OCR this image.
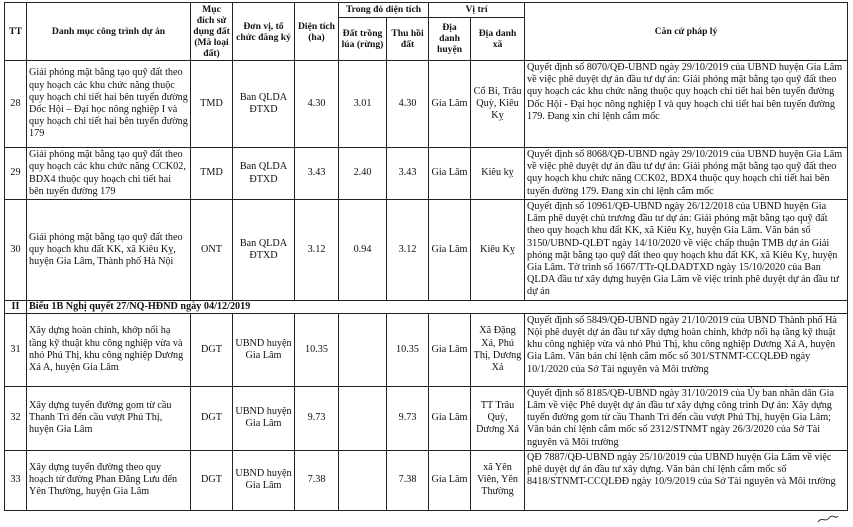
TT	Danh mục công trình dự án	Mục đích sử dụng đất (Mã loại đất)	Đơn vị, tổ chức đăng ký	Diện tích (ha)	Trong đó diện tích		Vị trí		Căn cứ pháp lý
					Đất trồng lúa (rừng)	Thu hồi đất	Địa danh huyện	Địa danh xã	
28	Giải phóng mặt bằng tạo quỹ đất theo quy hoạch các khu chức năng thuộc quy hoạch chi tiết hai bên tuyến đường Dốc Hội – Đại học nông nghiệp I và quy hoạch chi tiết hai bên tuyến đường 179	TMD	Ban QLDA ĐTXD	4.30	3.01	4.30	Gia Lâm	Cổ Bi, Trâu Quỳ, Kiêu Kỵ	Quyết định số 8070/QĐ-UBND ngày 29/10/2019 của UBND huyện Gia Lâm về việc phê duyệt dự án đầu tư dự án: Giải phóng mặt bằng tạo quỹ đất theo quy hoạch các khu chức năng thuộc quy hoạch chi tiết hai bên tuyến đường Dốc Hội - Đại học nông nghiệp I và quy hoạch chi tiết hai bên tuyến đường 179. Đang xin chỉ lệnh cắm mốc
29	Giải phóng mặt bằng tạo quỹ đất theo quy hoạch các khu chức năng CCK02, BDX4 thuộc quy hoạch chi tiết hai bên tuyến đường 179	TMD	Ban QLDA ĐTXD	3.43	2.40	3.43	Gia Lâm	Kiêu kỵ	Quyết định số 8068/QĐ-UBND ngày 29/10/2019 của UBND huyện Gia Lâm về việc phê duyệt dự án đầu tư dự án: Giải phóng mặt bằng tạo quỹ đất theo quy hoạch khu chức năng CCK02, BDX4 thuộc quy hoạch chi tiết hai bên tuyến đường 179. Đang xin chỉ lệnh cắm mốc
30	Giải phóng mặt bằng tạo quỹ đất theo quy hoạch khu đất KK, xã Kiêu Kỵ, huyện Gia Lâm, Thành phố Hà Nội	ONT	Ban QLDA ĐTXD	3.12	0.94	3.12	Gia Lâm	Kiêu Kỵ	Quyết định số 10961/QĐ-UBND ngày 26/12/2018 của UBND huyện Gia Lâm phê duyệt chủ trương đầu tư dự án: Giải phóng mặt bằng tạo quỹ đất theo quy hoạch khu đất KK, xã Kiêu Kỵ, huyện Gia Lâm. Văn bản số 3150/UBND-QLĐT ngày 14/10/2020 về việc chấp thuận TMB dự án Giải phóng mặt bằng tạo quỹ đất theo quy hoạch khu đất KK, xã Kiêu Kỵ, huyện Gia Lâm. Tờ trình số 1667/TTr-QLDADTXD ngày 15/10/2020 của Ban QLDA đầu tư xây dựng huyện Gia Lâm về việc trình phê duyệt dự án đầu tư dự án
II	Biểu 1B Nghị quyết 27/NQ-HĐND ngày 04/12/2019								
31	Xây dựng hoàn chỉnh, khớp nối hạ tầng kỹ thuật khu công nghiệp vừa và nhỏ Phú Thị, khu công nghiệp Dương Xá A, huyện Gia Lâm	DGT	UBND huyện Gia Lâm	10.35		10.35	Gia Lâm	Xã Đặng Xá, Phú Thị, Dương Xá	Quyết định số 5849/QĐ-UBND ngày 21/10/2019 của UBND Thành phố Hà Nội phê duyệt dự án đầu tư xây dựng hoàn chỉnh, khớp nối hạ tầng kỹ thuật khu công nghiệp vừa và nhỏ Phú Thị, khu công nghiệp Dương Xá A, huyện Gia Lâm. Văn bản chỉ lệnh cắm mốc số 301/STNMT-CCQLĐĐ ngày 10/1/2020 của Sở Tài nguyên và Môi trường
32	Xây dựng tuyến đường gom từ cầu Thanh Trì đến cầu vượt Phú Thị, huyện Gia Lâm	DGT	UBND huyện Gia Lâm	9.73		9.73	Gia Lâm	TT Trâu Quỳ, Dương Xá	Quyết định số 8185/QĐ-UBND ngày 31/10/2019 của Ủy ban nhân dân Gia Lâm về việc Phê duyệt dự án đầu tư xây dựng công trình Dự án: Xây dựng tuyến đường gom từ cầu Thanh Trì đến cầu vượt Phú Thị, huyện Gia Lâm; Văn bản chỉ lệnh cắm mốc số 2312/STNMT ngày 26/3/2020 của Sở Tài nguyên và Môi trường
33	Xây dựng tuyến đường theo quy hoạch từ đường Phan Đăng Lưu đến Yên Thường, huyện Gia Lâm	DGT	UBND huyện Gia Lâm	7.38		7.38	Gia Lâm	xã Yên Viên, Yên Thường	QĐ 7887/QĐ-UBND ngày 25/10/2019 của UBND huyện Gia Lâm về việc phê duyệt dự án đầu tư xây dựng. Văn bản chỉ lệnh cắm mốc số 8418/STNMT-CCQLĐĐ ngày 10/9/2019 của Sở Tài nguyên và Môi trường
